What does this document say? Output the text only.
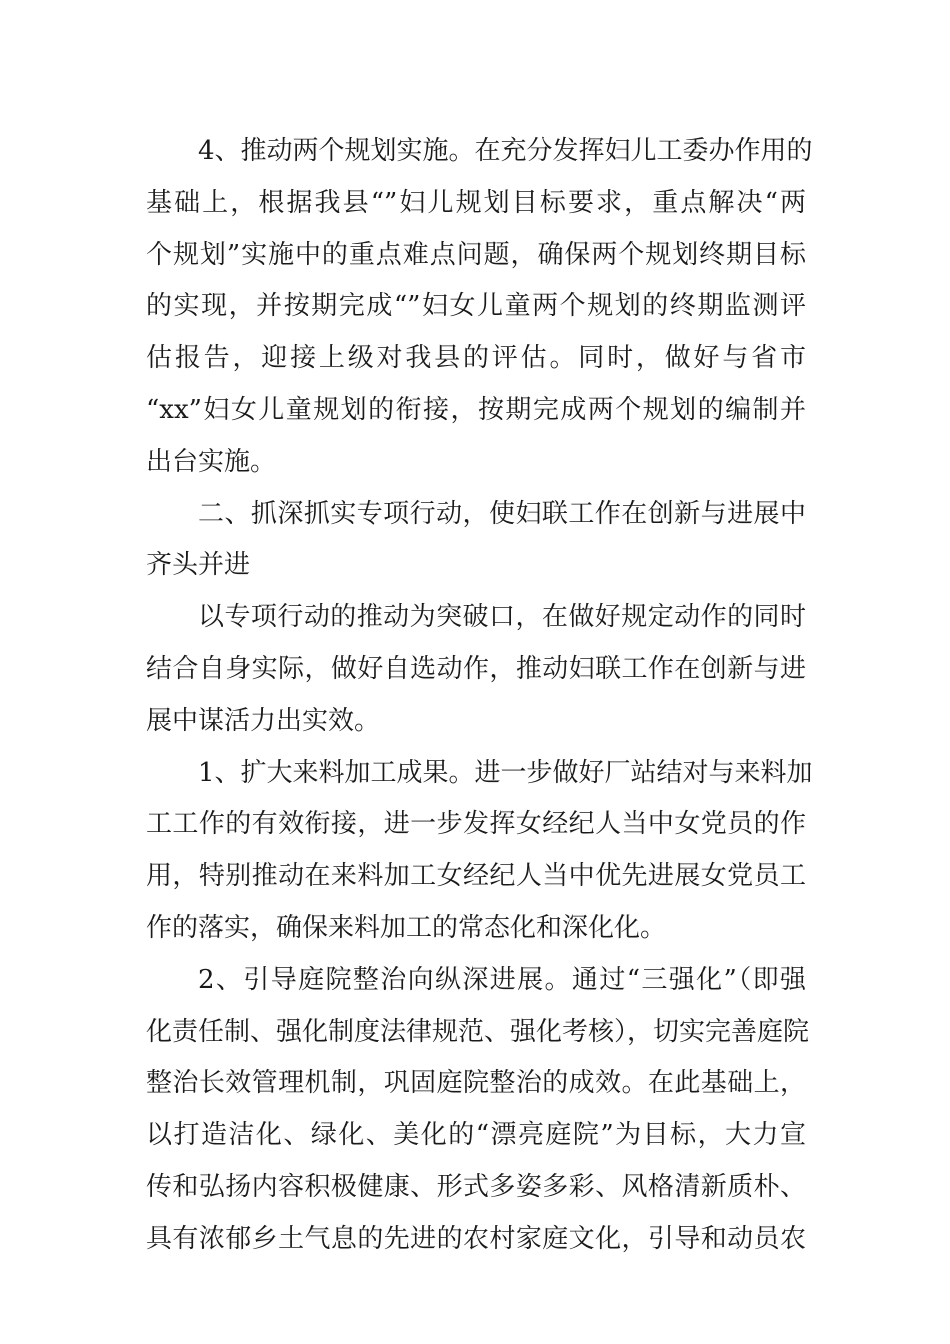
4、推动两个规划实施。在充分发挥妇儿工委办作用的
基础上，根据我县“”妇儿规划目标要求，重点解决“两
个规划”实施中的重点难点问题，确保两个规划终期目标
的实现，并按期完成“”妇女儿童两个规划的终期监测评
估报告，迎接上级对我县的评估。同时，做好与省市
“xx”妇女儿童规划的衔接，按期完成两个规划的编制并
出台实施。
二、抓深抓实专项行动，使妇联工作在创新与进展中
齐头并进
以专项行动的推动为突破口，在做好规定动作的同时
结合自身实际，做好自选动作，推动妇联工作在创新与进
展中谋活力出实效。
1、扩大来料加工成果。进一步做好厂站结对与来料加
工工作的有效衔接，进一步发挥女经纪人当中女党员的作
用，特别推动在来料加工女经纪人当中优先进展女党员工
作的落实，确保来料加工的常态化和深化化。
2、引导庭院整治向纵深进展。通过“三强化”（即强
化责任制、强化制度法律规范、强化考核），切实完善庭院
整治长效管理机制，巩固庭院整治的成效。在此基础上，
以打造洁化、绿化、美化的“漂亮庭院”为目标，大力宣
传和弘扬内容积极健康、形式多姿多彩、风格清新质朴、
具有浓郁乡土气息的先进的农村家庭文化，引导和动员农
